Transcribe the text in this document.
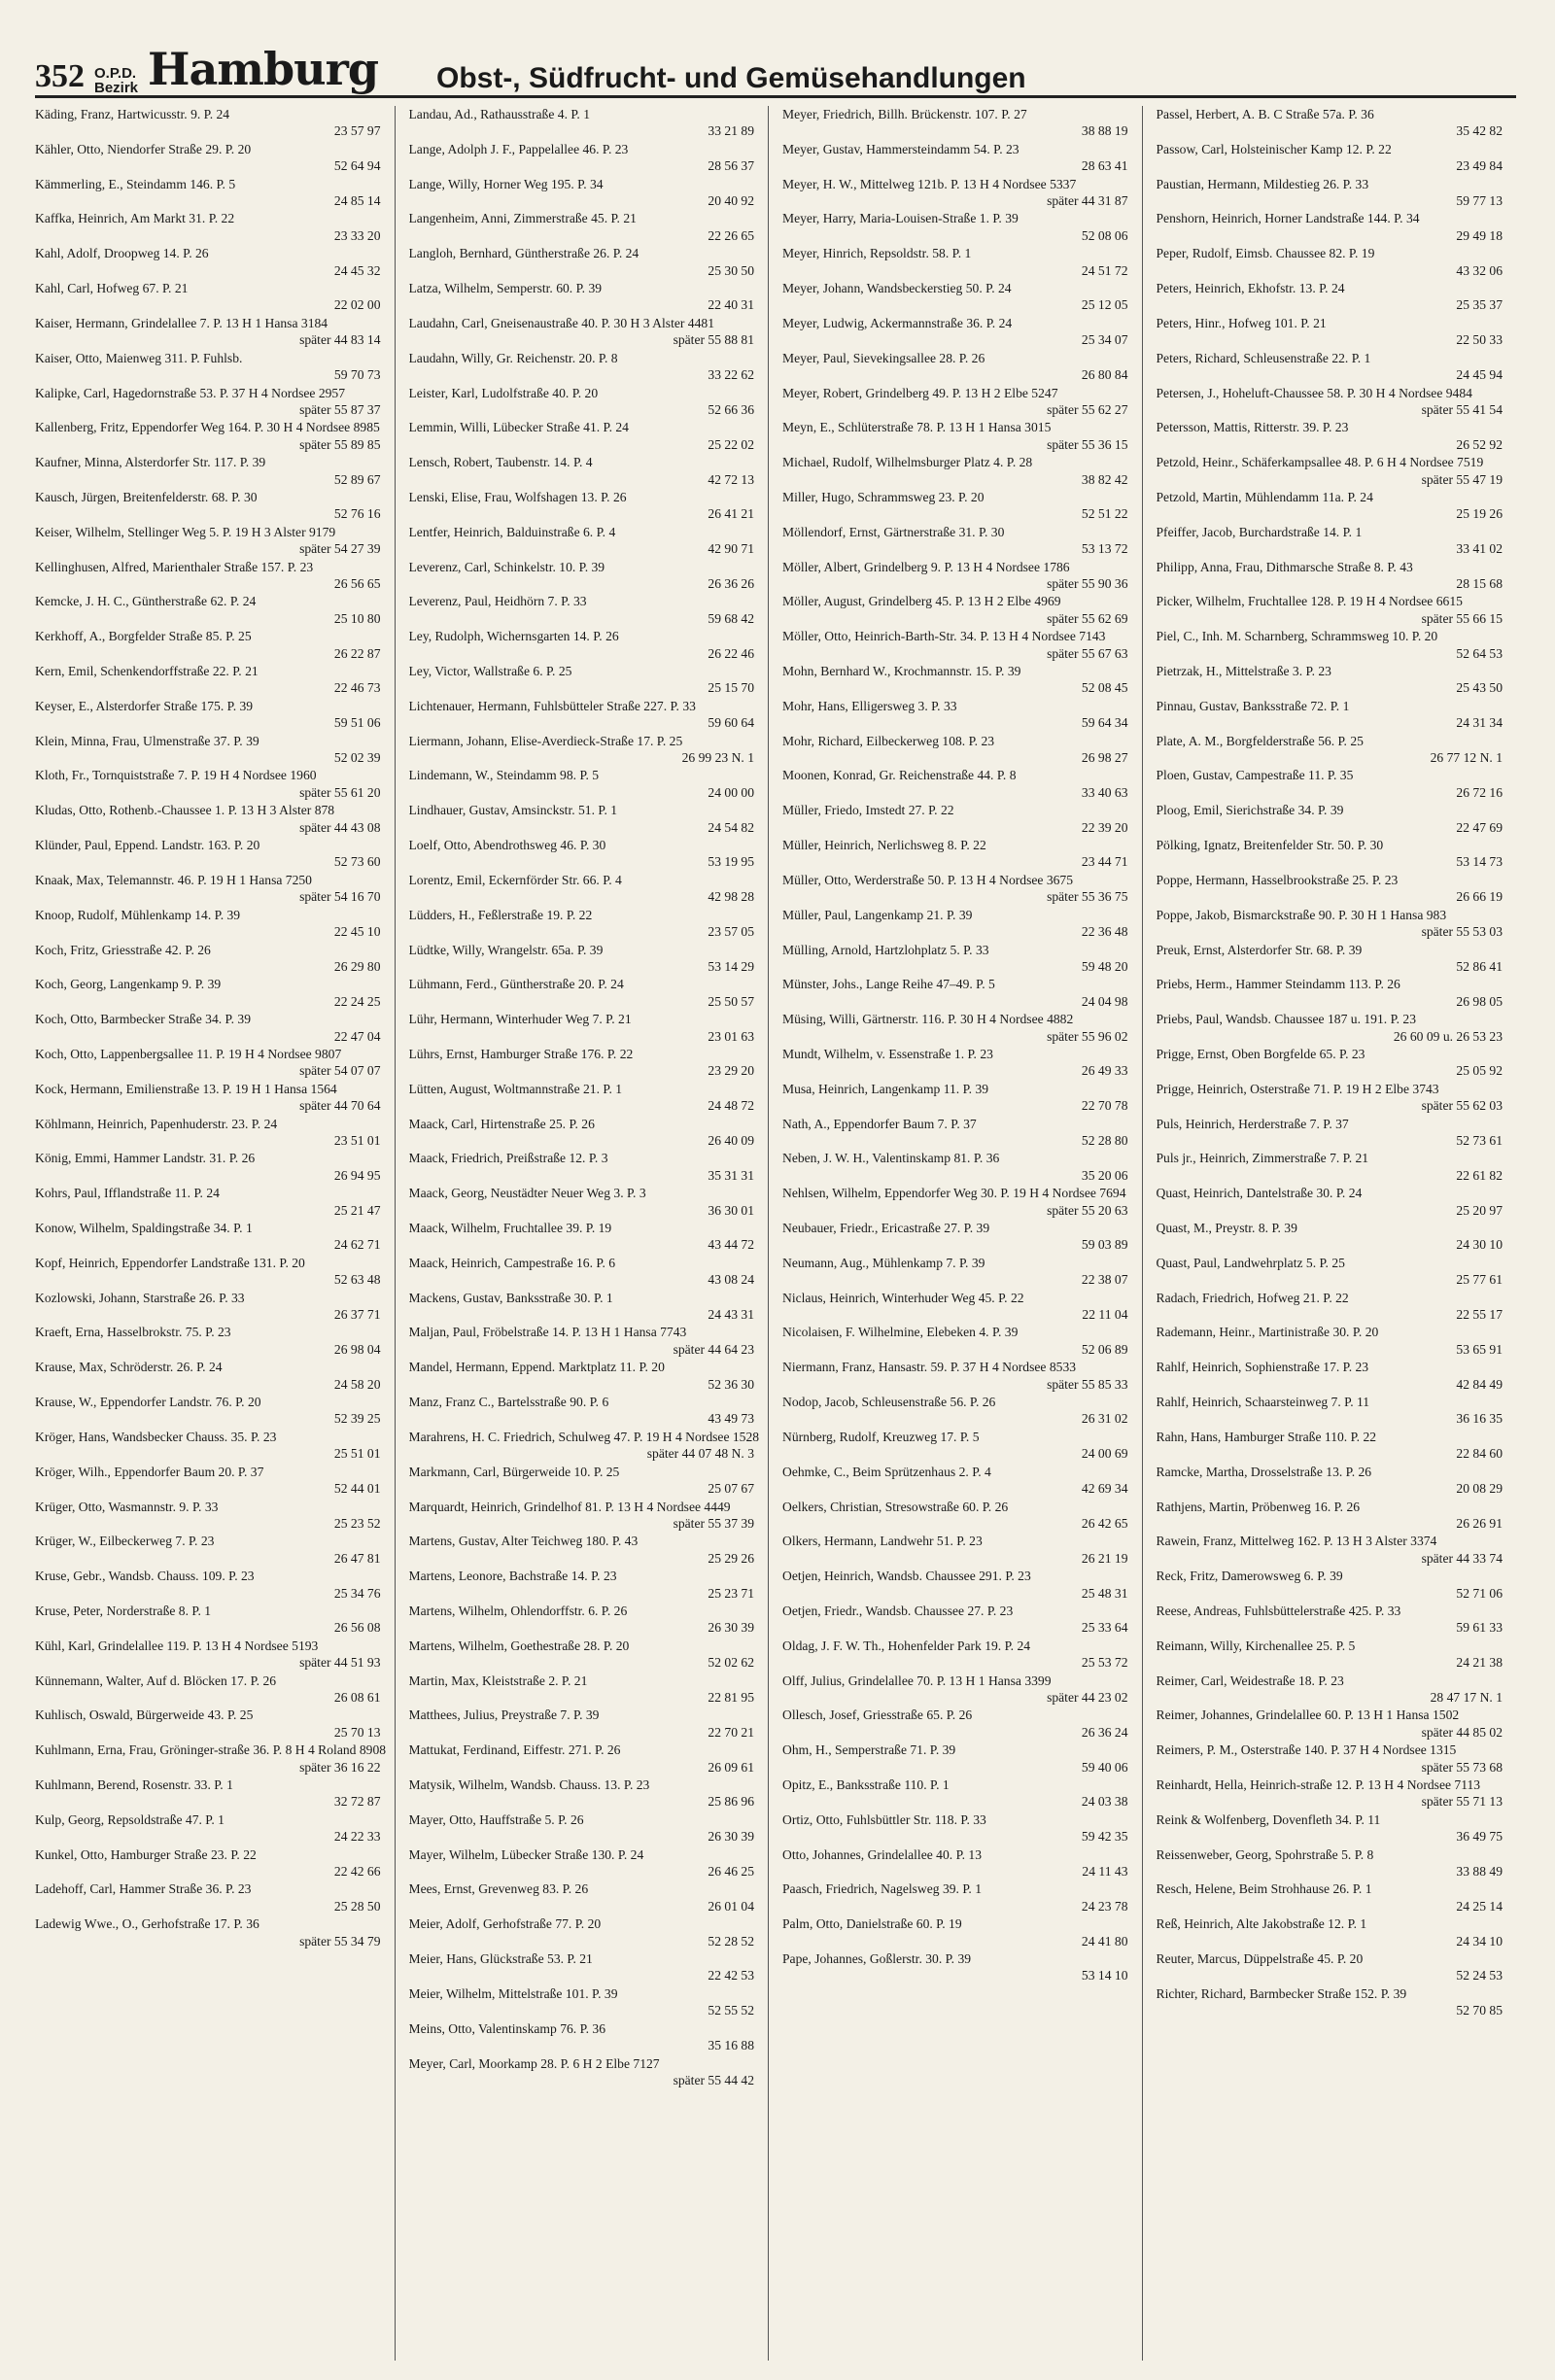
352 O.P.D.
Bezirk Hamburg Obst-, Südfrucht- und Gemüsehandlungen
Käding, Franz, Hartwicusstr. 9. P. 24
23 57 97
Kähler, Otto, Niendorfer Straße 29. P. 20
52 64 94
Kämmerling, E., Steindamm 146. P. 5
24 85 14
Kaffka, Heinrich, Am Markt 31. P. 22
23 33 20
Kahl, Adolf, Droopweg 14. P. 26
24 45 32
Kahl, Carl, Hofweg 67. P. 21
22 02 00
Kaiser, Hermann, Grindelallee 7. P. 13 H 1 Hansa 3184
später 44 83 14
Kaiser, Otto, Maienweg 311. P. Fuhlsb.
59 70 73
Kalipke, Carl, Hagedornstraße 53. P. 37 H 4 Nordsee 2957
später 55 87 37
Kallenberg, Fritz, Eppendorfer Weg 164. P. 30 H 4 Nordsee 8985
später 55 89 85
Kaufner, Minna, Alsterdorfer Str. 117. P. 39
52 89 67
Kausch, Jürgen, Breitenfelderstr. 68. P. 30
52 76 16
Keiser, Wilhelm, Stellinger Weg 5. P. 19 H 3 Alster 9179
später 54 27 39
Kellinghusen, Alfred, Marienthaler Straße 157. P. 23
26 56 65
Kemcke, J. H. C., Güntherstraße 62. P. 24
25 10 80
Kerkhoff, A., Borgfelder Straße 85. P. 25
26 22 87
Kern, Emil, Schenkendorffstraße 22. P. 21
22 46 73
Keyser, E., Alsterdorfer Straße 175. P. 39
59 51 06
Klein, Minna, Frau, Ulmenstraße 37. P. 39
52 02 39
Kloth, Fr., Tornquiststraße 7. P. 19 H 4 Nordsee 1960
später 55 61 20
Kludas, Otto, Rothenb.-Chaussee 1. P. 13 H 3 Alster 878
später 44 43 08
Klünder, Paul, Eppend. Landstr. 163. P. 20
52 73 60
Knaak, Max, Telemannstr. 46. P. 19 H 1 Hansa 7250
später 54 16 70
Knoop, Rudolf, Mühlenkamp 14. P. 39
22 45 10
Koch, Fritz, Griesstraße 42. P. 26
26 29 80
Koch, Georg, Langenkamp 9. P. 39
22 24 25
Koch, Otto, Barmbecker Straße 34. P. 39
22 47 04
Koch, Otto, Lappenbergsallee 11. P. 19 H 4 Nordsee 9807
später 54 07 07
Kock, Hermann, Emilienstraße 13. P. 19 H 1 Hansa 1564
später 44 70 64
Köhlmann, Heinrich, Papenhuderstr. 23. P. 24
23 51 01
König, Emmi, Hammer Landstr. 31. P. 26
26 94 95
Kohrs, Paul, Ifflandstraße 11. P. 24
25 21 47
Konow, Wilhelm, Spaldingstraße 34. P. 1
24 62 71
Kopf, Heinrich, Eppendorfer Landstraße 131. P. 20
52 63 48
Kozlowski, Johann, Starstraße 26. P. 33
26 37 71
Kraeft, Erna, Hasselbrokstr. 75. P. 23
26 98 04
Krause, Max, Schröderstr. 26. P. 24
24 58 20
Krause, W., Eppendorfer Landstr. 76. P. 20
52 39 25
Kröger, Hans, Wandsbecker Chauss. 35. P. 23
25 51 01
Kröger, Wilh., Eppendorfer Baum 20. P. 37
52 44 01
Krüger, Otto, Wasmannstr. 9. P. 33
25 23 52
Krüger, W., Eilbeckerweg 7. P. 23
26 47 81
Kruse, Gebr., Wandsb. Chauss. 109. P. 23
25 34 76
Kruse, Peter, Norderstraße 8. P. 1
26 56 08
Kühl, Karl, Grindelallee 119. P. 13 H 4 Nordsee 5193
später 44 51 93
Künnemann, Walter, Auf d. Blöcken 17. P. 26
26 08 61
Kuhlisch, Oswald, Bürgerweide 43. P. 25
25 70 13
Kuhlmann, Erna, Frau, Gröninger-straße 36. P. 8 H 4 Roland 8908
später 36 16 22
Kuhlmann, Berend, Rosenstr. 33. P. 1
32 72 87
Kulp, Georg, Repsoldstraße 47. P. 1
24 22 33
Kunkel, Otto, Hamburger Straße 23. P. 22
22 42 66
Ladehoff, Carl, Hammer Straße 36. P. 23
25 28 50
Ladewig Wwe., O., Gerhofstraße 17. P. 36
später 55 34 79
Landau, Ad., Rathausstraße 4. P. 1
33 21 89
Lange, Adolph J. F., Pappelallee 46. P. 23
28 56 37
Lange, Willy, Horner Weg 195. P. 34
20 40 92
Langenheim, Anni, Zimmerstraße 45. P. 21
22 26 65
Langloh, Bernhard, Güntherstraße 26. P. 24
25 30 50
Latza, Wilhelm, Semperstr. 60. P. 39
22 40 31
Laudahn, Carl, Gneisenaustraße 40. P. 30 H 3 Alster 4481
später 55 88 81
Laudahn, Willy, Gr. Reichenstr. 20. P. 8
33 22 62
Leister, Karl, Ludolfstraße 40. P. 20
52 66 36
Lemmin, Willi, Lübecker Straße 41. P. 24
25 22 02
Lensch, Robert, Taubenstr. 14. P. 4
42 72 13
Lenski, Elise, Frau, Wolfshagen 13. P. 26
26 41 21
Lentfer, Heinrich, Balduinstraße 6. P. 4
42 90 71
Leverenz, Carl, Schinkelstr. 10. P. 39
26 36 26
Leverenz, Paul, Heidhörn 7. P. 33
59 68 42
Ley, Rudolph, Wichernsgarten 14. P. 26
26 22 46
Ley, Victor, Wallstraße 6. P. 25
25 15 70
Lichtenauer, Hermann, Fuhlsbütteler Straße 227. P. 33
59 60 64
Liermann, Johann, Elise-Averdieck-Straße 17. P. 25
26 99 23 N. 1
Lindemann, W., Steindamm 98. P. 5
24 00 00
Lindhauer, Gustav, Amsinckstr. 51. P. 1
24 54 82
Loelf, Otto, Abendrothsweg 46. P. 30
53 19 95
Lorentz, Emil, Eckernförder Str. 66. P. 4
42 98 28
Lüdders, H., Feßlerstraße 19. P. 22
23 57 05
Lüdtke, Willy, Wrangelstr. 65a. P. 39
53 14 29
Lühmann, Ferd., Güntherstraße 20. P. 24
25 50 57
Lühr, Hermann, Winterhuder Weg 7. P. 21
23 01 63
Lührs, Ernst, Hamburger Straße 176. P. 22
23 29 20
Lütten, August, Woltmannstraße 21. P. 1
24 48 72
Maack, Carl, Hirtenstraße 25. P. 26
26 40 09
Maack, Friedrich, Preißstraße 12. P. 3
35 31 31
Maack, Georg, Neustädter Neuer Weg 3. P. 3
36 30 01
Maack, Wilhelm, Fruchtallee 39. P. 19
43 44 72
Maack, Heinrich, Campestraße 16. P. 6
43 08 24
Mackens, Gustav, Banksstraße 30. P. 1
24 43 31
Maljan, Paul, Fröbelstraße 14. P. 13 H 1 Hansa 7743
später 44 64 23
Mandel, Hermann, Eppend. Marktplatz 11. P. 20
52 36 30
Manz, Franz C., Bartelsstraße 90. P. 6
43 49 73
Marahrens, H. C. Friedrich, Schulweg 47. P. 19 H 4 Nordsee 1528
später 44 07 48 N. 3
Markmann, Carl, Bürgerweide 10. P. 25
25 07 67
Marquardt, Heinrich, Grindelhof 81. P. 13 H 4 Nordsee 4449
später 55 37 39
Martens, Gustav, Alter Teichweg 180. P. 43
25 29 26
Martens, Leonore, Bachstraße 14. P. 23
25 23 71
Martens, Wilhelm, Ohlendorffstr. 6. P. 26
26 30 39
Martens, Wilhelm, Goethestraße 28. P. 20
52 02 62
Martin, Max, Kleiststraße 2. P. 21
22 81 95
Matthees, Julius, Preystraße 7. P. 39
22 70 21
Mattukat, Ferdinand, Eiffestr. 271. P. 26
26 09 61
Matysik, Wilhelm, Wandsb. Chauss. 13. P. 23
25 86 96
Mayer, Otto, Hauffstraße 5. P. 26
26 30 39
Mayer, Wilhelm, Lübecker Straße 130. P. 24
26 46 25
Mees, Ernst, Grevenweg 83. P. 26
26 01 04
Meier, Adolf, Gerhofstraße 77. P. 20
52 28 52
Meier, Hans, Glückstraße 53. P. 21
22 42 53
Meier, Wilhelm, Mittelstraße 101. P. 39
52 55 52
Meins, Otto, Valentinskamp 76. P. 36
35 16 88
Meyer, Carl, Moorkamp 28. P. 6 H 2 Elbe 7127
später 55 44 42
Meyer, Friedrich, Billh. Brückenstr. 107. P. 27
38 88 19
Meyer, Gustav, Hammersteindamm 54. P. 23
28 63 41
Meyer, H. W., Mittelweg 121b. P. 13 H 4 Nordsee 5337
später 44 31 87
Meyer, Harry, Maria-Louisen-Straße 1. P. 39
52 08 06
Meyer, Hinrich, Repsoldstr. 58. P. 1
24 51 72
Meyer, Johann, Wandsbeckerstieg 50. P. 24
25 12 05
Meyer, Ludwig, Ackermannstraße 36. P. 24
25 34 07
Meyer, Paul, Sievekingsallee 28. P. 26
26 80 84
Meyer, Robert, Grindelberg 49. P. 13 H 2 Elbe 5247
später 55 62 27
Meyn, E., Schlüterstraße 78. P. 13 H 1 Hansa 3015
später 55 36 15
Michael, Rudolf, Wilhelmsburger Platz 4. P. 28
38 82 42
Miller, Hugo, Schrammsweg 23. P. 20
52 51 22
Möllendorf, Ernst, Gärtnerstraße 31. P. 30
53 13 72
Möller, Albert, Grindelberg 9. P. 13 H 4 Nordsee 1786
später 55 90 36
Möller, August, Grindelberg 45. P. 13 H 2 Elbe 4969
später 55 62 69
Möller, Otto, Heinrich-Barth-Str. 34. P. 13 H 4 Nordsee 7143
später 55 67 63
Mohn, Bernhard W., Krochmannstr. 15. P. 39
52 08 45
Mohr, Hans, Elligersweg 3. P. 33
59 64 34
Mohr, Richard, Eilbeckerweg 108. P. 23
26 98 27
Moonen, Konrad, Gr. Reichenstraße 44. P. 8
33 40 63
Müller, Friedo, Imstedt 27. P. 22
22 39 20
Müller, Heinrich, Nerlichsweg 8. P. 22
23 44 71
Müller, Otto, Werderstraße 50. P. 13 H 4 Nordsee 3675
später 55 36 75
Müller, Paul, Langenkamp 21. P. 39
22 36 48
Mülling, Arnold, Hartzlohplatz 5. P. 33
59 48 20
Münster, Johs., Lange Reihe 47–49. P. 5
24 04 98
Müsing, Willi, Gärtnerstr. 116. P. 30 H 4 Nordsee 4882
später 55 96 02
Mundt, Wilhelm, v. Essenstraße 1. P. 23
26 49 33
Musa, Heinrich, Langenkamp 11. P. 39
22 70 78
Nath, A., Eppendorfer Baum 7. P. 37
52 28 80
Neben, J. W. H., Valentinskamp 81. P. 36
35 20 06
Nehlsen, Wilhelm, Eppendorfer Weg 30. P. 19 H 4 Nordsee 7694
später 55 20 63
Neubauer, Friedr., Ericastraße 27. P. 39
59 03 89
Neumann, Aug., Mühlenkamp 7. P. 39
22 38 07
Niclaus, Heinrich, Winterhuder Weg 45. P. 22
22 11 04
Nicolaisen, F. Wilhelmine, Elebeken 4. P. 39
52 06 89
Niermann, Franz, Hansastr. 59. P. 37 H 4 Nordsee 8533
später 55 85 33
Nodop, Jacob, Schleusenstraße 56. P. 26
26 31 02
Nürnberg, Rudolf, Kreuzweg 17. P. 5
24 00 69
Oehmke, C., Beim Sprützenhaus 2. P. 4
42 69 34
Oelkers, Christian, Stresowstraße 60. P. 26
26 42 65
Olkers, Hermann, Landwehr 51. P. 23
26 21 19
Oetjen, Heinrich, Wandsb. Chaussee 291. P. 23
25 48 31
Oetjen, Friedr., Wandsb. Chaussee 27. P. 23
25 33 64
Oldag, J. F. W. Th., Hohenfelder Park 19. P. 24
25 53 72
Olff, Julius, Grindelallee 70. P. 13 H 1 Hansa 3399
später 44 23 02
Ollesch, Josef, Griesstraße 65. P. 26
26 36 24
Ohm, H., Semperstraße 71. P. 39
59 40 06
Opitz, E., Banksstraße 110. P. 1
24 03 38
Ortiz, Otto, Fuhlsbüttler Str. 118. P. 33
59 42 35
Otto, Johannes, Grindelallee 40. P. 13
24 11 43
Paasch, Friedrich, Nagelsweg 39. P. 1
24 23 78
Palm, Otto, Danielstraße 60. P. 19
24 41 80
Pape, Johannes, Goßlerstr. 30. P. 39
53 14 10
Passel, Herbert, A. B. C Straße 57a. P. 36
35 42 82
Passow, Carl, Holsteinischer Kamp 12. P. 22
23 49 84
Paustian, Hermann, Mildestieg 26. P. 33
59 77 13
Penshorn, Heinrich, Horner Landstraße 144. P. 34
29 49 18
Peper, Rudolf, Eimsb. Chaussee 82. P. 19
43 32 06
Peters, Heinrich, Ekhofstr. 13. P. 24
25 35 37
Peters, Hinr., Hofweg 101. P. 21
22 50 33
Peters, Richard, Schleusenstraße 22. P. 1
24 45 94
Petersen, J., Hoheluft-Chaussee 58. P. 30 H 4 Nordsee 9484
später 55 41 54
Petersson, Mattis, Ritterstr. 39. P. 23
26 52 92
Petzold, Heinr., Schäferkampsallee 48. P. 6 H 4 Nordsee 7519
später 55 47 19
Petzold, Martin, Mühlendamm 11a. P. 24
25 19 26
Pfeiffer, Jacob, Burchardstraße 14. P. 1
33 41 02
Philipp, Anna, Frau, Dithmarsche Straße 8. P. 43
28 15 68
Picker, Wilhelm, Fruchtallee 128. P. 19 H 4 Nordsee 6615
später 55 66 15
Piel, C., Inh. M. Scharnberg, Schrammsweg 10. P. 20
52 64 53
Pietrzak, H., Mittelstraße 3. P. 23
25 43 50
Pinnau, Gustav, Banksstraße 72. P. 1
24 31 34
Plate, A. M., Borgfelderstraße 56. P. 25
26 77 12 N. 1
Ploen, Gustav, Campestraße 11. P. 35
26 72 16
Ploog, Emil, Sierichstraße 34. P. 39
22 47 69
Pölking, Ignatz, Breitenfelder Str. 50. P. 30
53 14 73
Poppe, Hermann, Hasselbrookstraße 25. P. 23
26 66 19
Poppe, Jakob, Bismarckstraße 90. P. 30 H 1 Hansa 983
später 55 53 03
Preuk, Ernst, Alsterdorfer Str. 68. P. 39
52 86 41
Priebs, Herm., Hammer Steindamm 113. P. 26
26 98 05
Priebs, Paul, Wandsb. Chaussee 187 u. 191. P. 23
26 60 09 u. 26 53 23
Prigge, Ernst, Oben Borgfelde 65. P. 23
25 05 92
Prigge, Heinrich, Osterstraße 71. P. 19 H 2 Elbe 3743
später 55 62 03
Puls, Heinrich, Herderstraße 7. P. 37
52 73 61
Puls jr., Heinrich, Zimmerstraße 7. P. 21
22 61 82
Quast, Heinrich, Dantelstraße 30. P. 24
25 20 97
Quast, M., Preystr. 8. P. 39
24 30 10
Quast, Paul, Landwehrplatz 5. P. 25
25 77 61
Radach, Friedrich, Hofweg 21. P. 22
22 55 17
Rademann, Heinr., Martinistraße 30. P. 20
53 65 91
Rahlf, Heinrich, Sophienstraße 17. P. 23
42 84 49
Rahlf, Heinrich, Schaarsteinweg 7. P. 11
36 16 35
Rahn, Hans, Hamburger Straße 110. P. 22
22 84 60
Ramcke, Martha, Drosselstraße 13. P. 26
20 08 29
Rathjens, Martin, Pröbenweg 16. P. 26
26 26 91
Rawein, Franz, Mittelweg 162. P. 13 H 3 Alster 3374
später 44 33 74
Reck, Fritz, Damerowsweg 6. P. 39
52 71 06
Reese, Andreas, Fuhlsbüttelerstraße 425. P. 33
59 61 33
Reimann, Willy, Kirchenallee 25. P. 5
24 21 38
Reimer, Carl, Weidestraße 18. P. 23
28 47 17 N. 1
Reimer, Johannes, Grindelallee 60. P. 13 H 1 Hansa 1502
später 44 85 02
Reimers, P. M., Osterstraße 140. P. 37 H 4 Nordsee 1315
später 55 73 68
Reinhardt, Hella, Heinrich-straße 12. P. 13 H 4 Nordsee 7113
später 55 71 13
Reink & Wolfenberg, Dovenfleth 34. P. 11
36 49 75
Reissenweber, Georg, Spohrstraße 5. P. 8
33 88 49
Resch, Helene, Beim Strohhause 26. P. 1
24 25 14
Reß, Heinrich, Alte Jakobstraße 12. P. 1
24 34 10
Reuter, Marcus, Düppelstraße 45. P. 20
52 24 53
Richter, Richard, Barmbecker Straße 152. P. 39
52 70 85
